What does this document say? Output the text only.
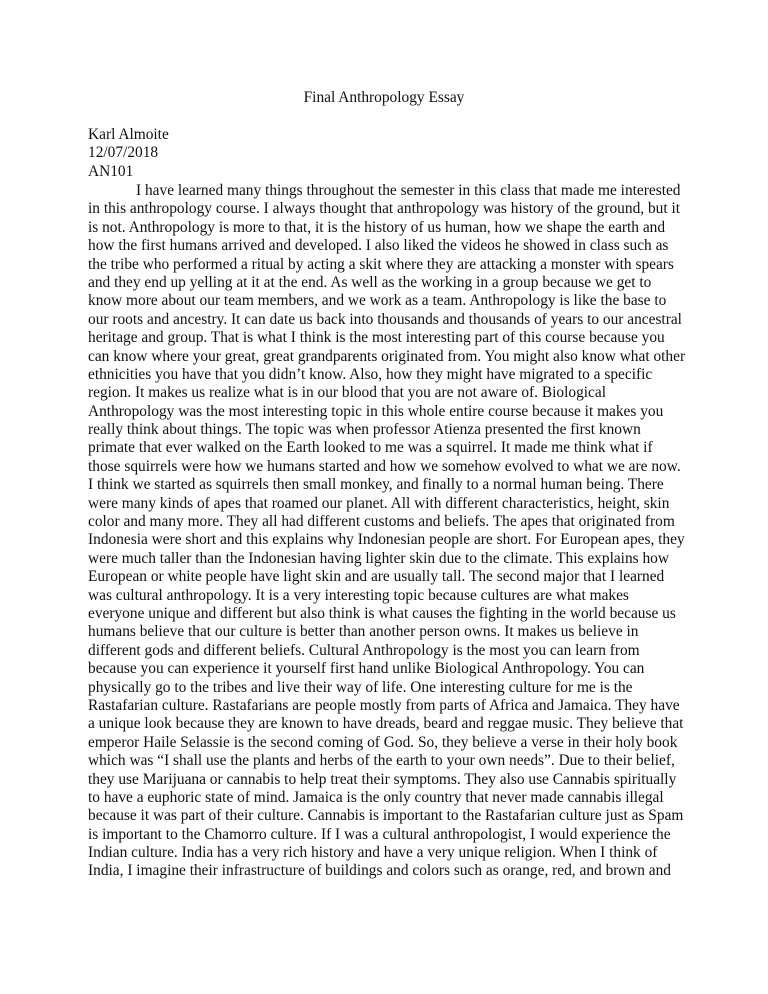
Final Anthropology Essay
Karl Almoite
12/07/2018
AN101
I have learned many things throughout the semester in this class that made me interested
in this anthropology course. I always thought that anthropology was history of the ground, but it
is not. Anthropology is more to that, it is the history of us human, how we shape the earth and
how the first humans arrived and developed. I also liked the videos he showed in class such as
the tribe who performed a ritual by acting a skit where they are attacking a monster with spears
and they end up yelling at it at the end. As well as the working in a group because we get to
know more about our team members, and we work as a team. Anthropology is like the base to
our roots and ancestry. It can date us back into thousands and thousands of years to our ancestral
heritage and group. That is what I think is the most interesting part of this course because you
can know where your great, great grandparents originated from. You might also know what other
ethnicities you have that you didn’t know. Also, how they might have migrated to a specific
region. It makes us realize what is in our blood that you are not aware of. Biological
Anthropology was the most interesting topic in this whole entire course because it makes you
really think about things. The topic was when professor Atienza presented the first known
primate that ever walked on the Earth looked to me was a squirrel. It made me think what if
those squirrels were how we humans started and how we somehow evolved to what we are now.
I think we started as squirrels then small monkey, and finally to a normal human being. There
were many kinds of apes that roamed our planet. All with different characteristics, height, skin
color and many more. They all had different customs and beliefs. The apes that originated from
Indonesia were short and this explains why Indonesian people are short. For European apes, they
were much taller than the Indonesian having lighter skin due to the climate. This explains how
European or white people have light skin and are usually tall. The second major that I learned
was cultural anthropology. It is a very interesting topic because cultures are what makes
everyone unique and different but also think is what causes the fighting in the world because us
humans believe that our culture is better than another person owns. It makes us believe in
different gods and different beliefs. Cultural Anthropology is the most you can learn from
because you can experience it yourself first hand unlike Biological Anthropology. You can
physically go to the tribes and live their way of life. One interesting culture for me is the
Rastafarian culture. Rastafarians are people mostly from parts of Africa and Jamaica. They have
a unique look because they are known to have dreads, beard and reggae music. They believe that
emperor Haile Selassie is the second coming of God. So, they believe a verse in their holy book
which was “I shall use the plants and herbs of the earth to your own needs”. Due to their belief,
they use Marijuana or cannabis to help treat their symptoms. They also use Cannabis spiritually
to have a euphoric state of mind. Jamaica is the only country that never made cannabis illegal
because it was part of their culture. Cannabis is important to the Rastafarian culture just as Spam
is important to the Chamorro culture. If I was a cultural anthropologist, I would experience the
Indian culture. India has a very rich history and have a very unique religion. When I think of
India, I imagine their infrastructure of buildings and colors such as orange, red, and brown and
